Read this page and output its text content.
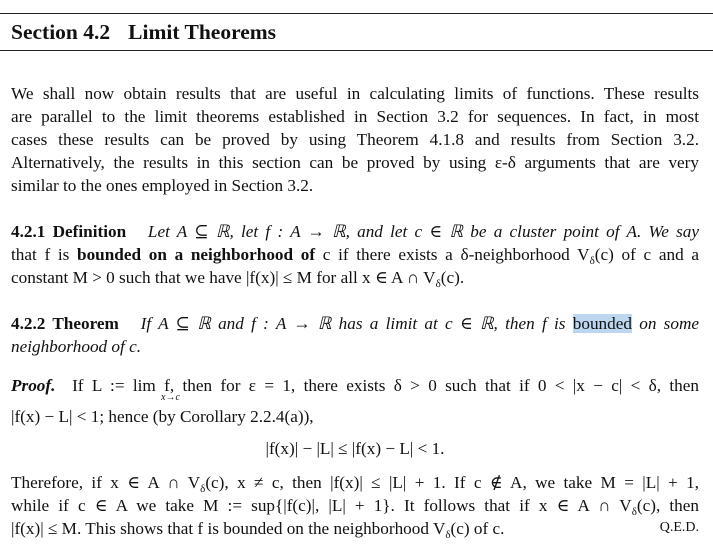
Section 4.2 Limit Theorems
We shall now obtain results that are useful in calculating limits of functions. These results
are parallel to the limit theorems established in Section 3.2 for sequences. In fact, in most
cases these results can be proved by using Theorem 4.1.8 and results from Section 3.2.
Alternatively, the results in this section can be proved by using ε-δ arguments that are very
similar to the ones employed in Section 3.2.
4.2.1 Definition Let A ⊆ ℝ, let f : A → ℝ, and let c ∈ ℝ be a cluster point of A. We say
that f is bounded on a neighborhood of c if there exists a δ-neighborhood $V_\delta(c)$ of c and a
constant M > 0 such that we have |f(x)| ≤ M for all x ∈ A ∩ $V_\delta(c)$.
4.2.2 Theorem If A ⊆ ℝ and f : A → ℝ has a limit at c ∈ ℝ, then f is bounded on some
neighborhood of c.
Proof. If L := lim f, then for ε = 1, there exists δ > 0 such that if 0 < |x − c| < δ, then
x→c
|f(x) − L| < 1; hence (by Corollary 2.2.4(a)),
|f(x)| − |L| ≤ |f(x) − L| < 1.
Therefore, if x ∈ A ∩ $V_\delta(c)$, x ≠ c, then |f(x)| ≤ |L| + 1. If c ∉ A, we take M = |L| + 1,
while if c ∈ A we take M := sup{|f(c)|, |L| + 1}. It follows that if x ∈ A ∩ $V_\delta(c)$, then
|f(x)| ≤ M. This shows that f is bounded on the neighborhood $V_\delta(c)$ of c.	Q.E.D.
